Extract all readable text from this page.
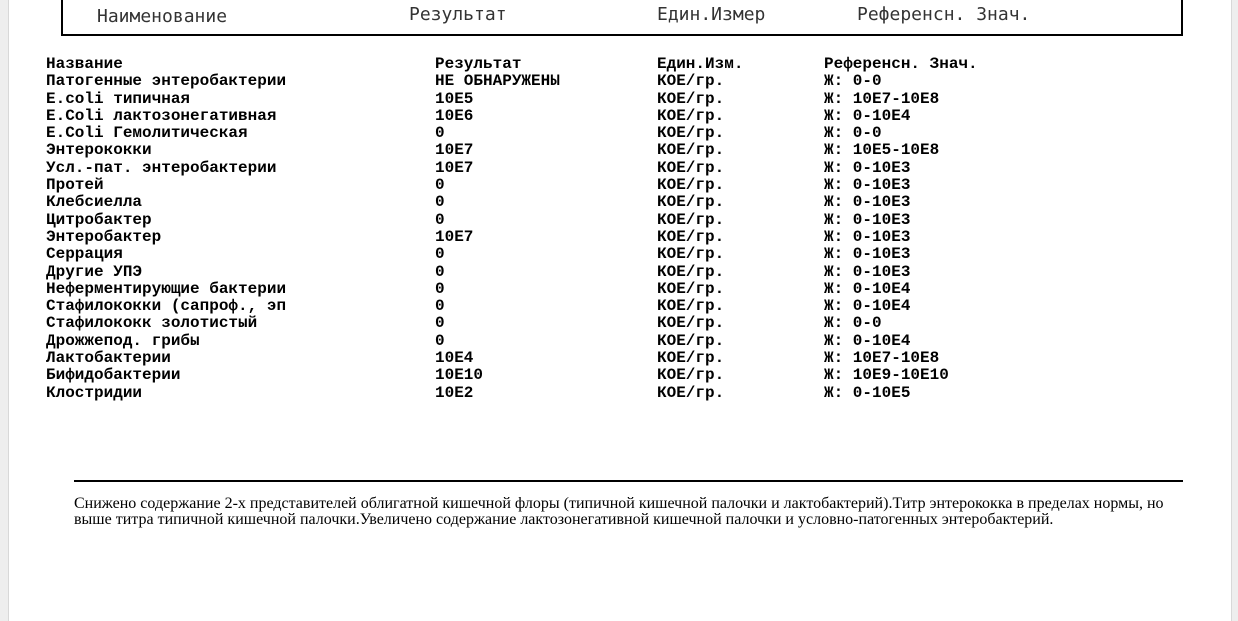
Наименование	Результат	Един.Измер	Референсн. Знач.
Название	Результат	Един.Изм.	Референсн. Знач.
Патогенные энтеробактерии	НЕ ОБНАРУЖЕНЫ	КОЕ/гр.	Ж: 0-0
E.coli типичная	10E5	КОЕ/гр.	Ж: 10E7-10E8
E.Coli лактозонегативная	10E6	КОЕ/гр.	Ж: 0-10E4
E.Coli Гемолитическая	0	КОЕ/гр.	Ж: 0-0
Энтерококки	10E7	КОЕ/гр.	Ж: 10E5-10E8
Усл.-пат. энтеробактерии	10E7	КОЕ/гр.	Ж: 0-10E3
Протей	0	КОЕ/гр.	Ж: 0-10E3
Клебсиелла	0	КОЕ/гр.	Ж: 0-10E3
Цитробактер	0	КОЕ/гр.	Ж: 0-10E3
Энтеробактер	10E7	КОЕ/гр.	Ж: 0-10E3
Серрация	0	КОЕ/гр.	Ж: 0-10E3
Другие УПЭ	0	КОЕ/гр.	Ж: 0-10E3
Неферментирующие бактерии	0	КОЕ/гр.	Ж: 0-10E4
Стафилококки (сапроф., эп	0	КОЕ/гр.	Ж: 0-10E4
Стафилококк золотистый	0	КОЕ/гр.	Ж: 0-0
Дрожжепод. грибы	0	КОЕ/гр.	Ж: 0-10E4
Лактобактерии	10E4	КОЕ/гр.	Ж: 10E7-10E8
Бифидобактерии	10E10	КОЕ/гр.	Ж: 10E9-10E10
Клостридии	10E2	КОЕ/гр.	Ж: 0-10E5
Снижено содержание 2-х представителей облигатной кишечной флоры (типичной кишечной палочки и лактобактерий).Титр энтерококка в пределах нормы, но выше титра типичной кишечной палочки.Увеличено содержание лактозонегативной кишечной палочки и условно-патогенных энтеробактерий.
